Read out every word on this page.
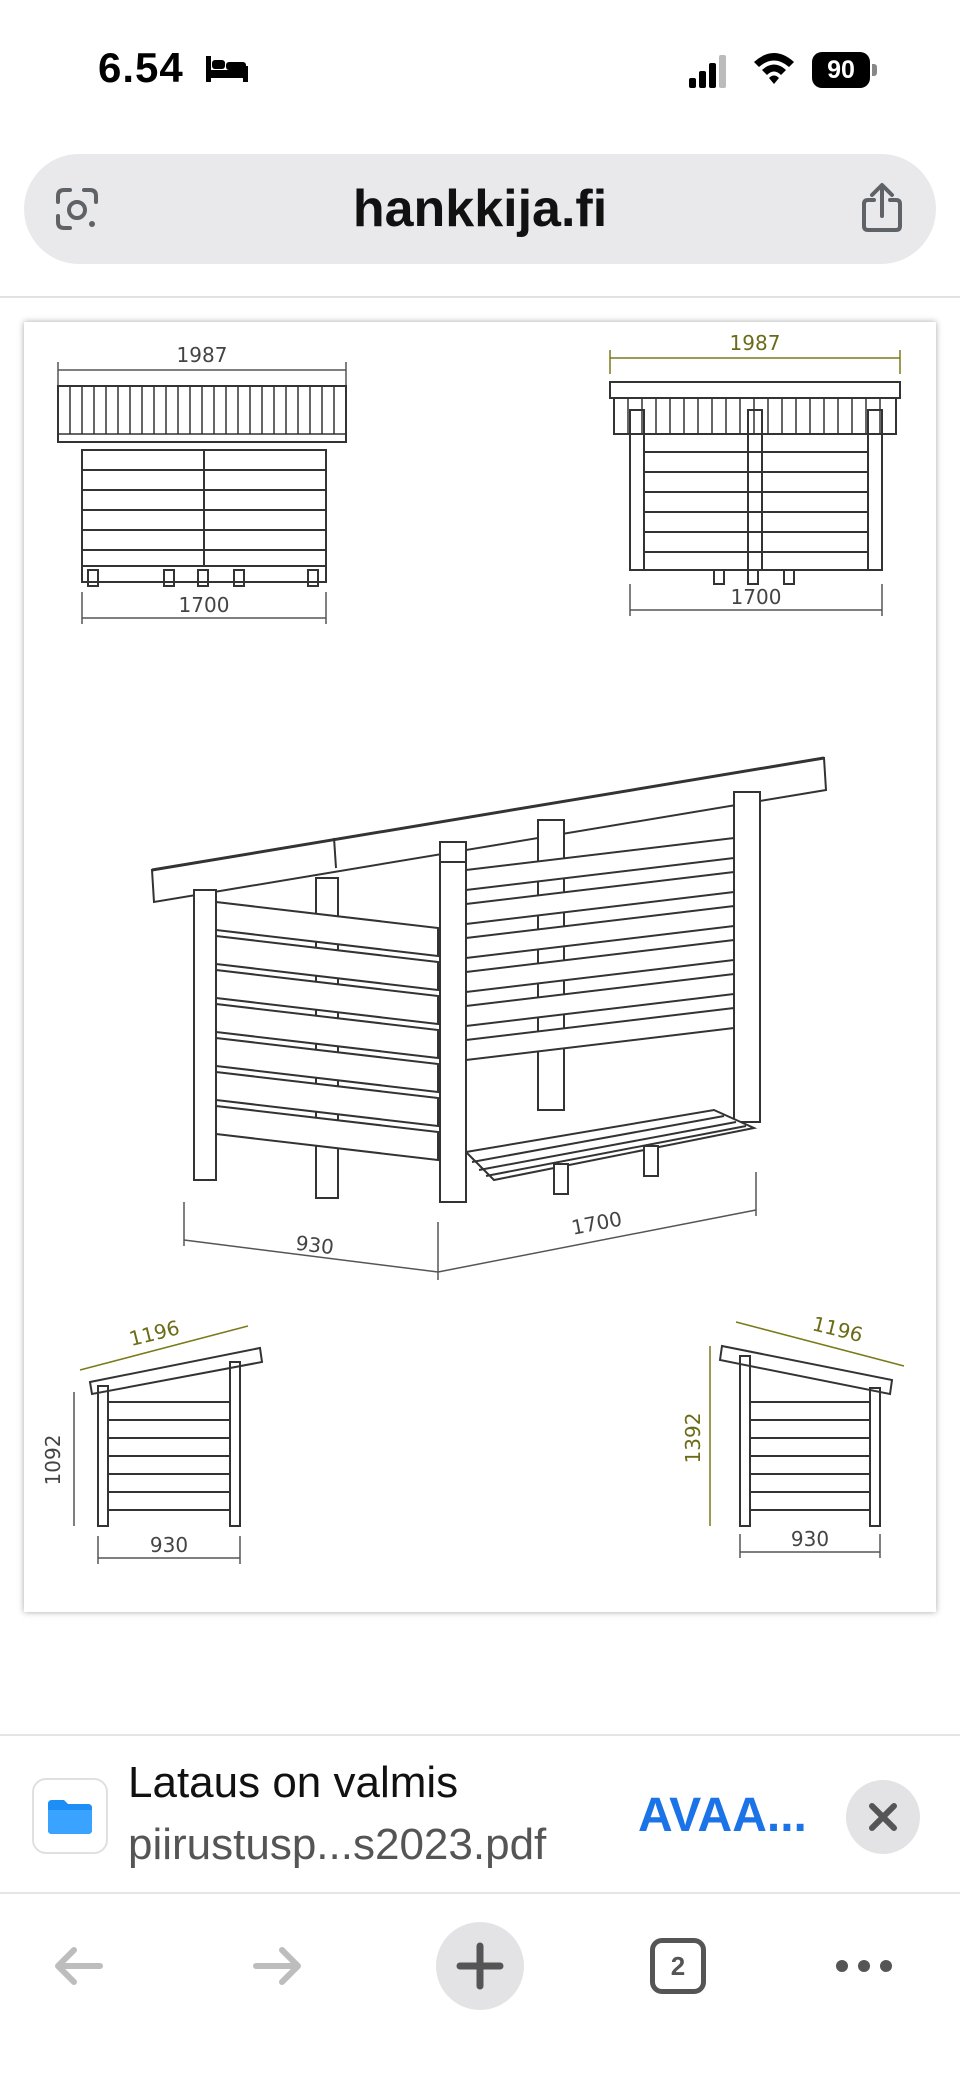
6.54	90
hankkija.fi
1987
1700
1987
1700
930
1700
1196
1092
930
1196
1392
930
Lataus on valmis
piirustusp...s2023.pdf
AVAA...
2
